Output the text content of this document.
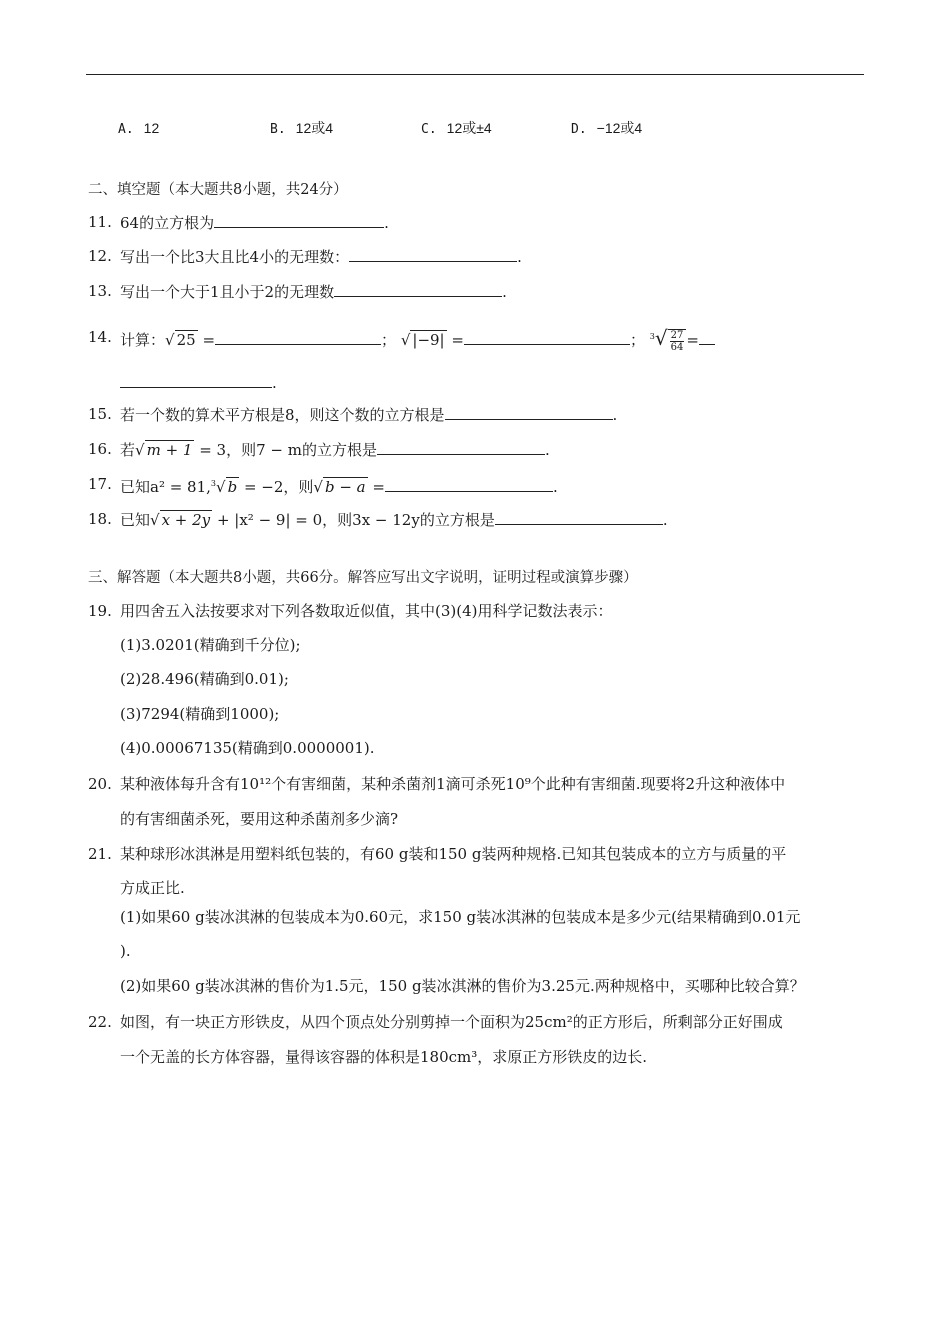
A. 12	B. 12或4	C. 12或±4	D. −12或4
二、填空题（本大题共8小题，共24分）
11. 64的立方根为	.
12. 写出一个比3大且比4小的无理数：	.
13. 写出一个大于1且小于2的无理数	.
14. 计算：√ 25 =	； √ |−9| =	； $^3√ \frac{27}{64}$ =
.
15. 若一个数的算术平方根是8，则这个数的立方根是	.
16. 若√ m + 1 = 3，则7 − m的立方根是	.
17. 已知a² = 81,$^3$√ b = −2，则√ b − a =	.
18. 已知√ x + 2y + |x² − 9| = 0，则3x − 12y的立方根是	.
三、解答题（本大题共8小题，共66分。解答应写出文字说明，证明过程或演算步骤）
19. 用四舍五入法按要求对下列各数取近似值，其中(3)(4)用科学记数法表示：
(1)3.0201(精确到千分位);
(2)28.496(精确到0.01);
(3)7294(精确到1000);
(4)0.00067135(精确到0.0000001).
20. 某种液体每升含有10¹²个有害细菌，某种杀菌剂1滴可杀死10⁹个此种有害细菌.现要将2升这种液体中
的有害细菌杀死，要用这种杀菌剂多少滴?
21. 某种球形冰淇淋是用塑料纸包装的，有60 g装和150 g装两种规格.已知其包装成本的立方与质量的平
方成正比.
(1)如果60 g装冰淇淋的包装成本为0.60元，求150 g装冰淇淋的包装成本是多少元(结果精确到0.01元
).
(2)如果60 g装冰淇淋的售价为1.5元，150 g装冰淇淋的售价为3.25元.两种规格中，买哪种比较合算？
22. 如图，有一块正方形铁皮，从四个顶点处分别剪掉一个面积为25cm²的正方形后，所剩部分正好围成
一个无盖的长方体容器，量得该容器的体积是180cm³，求原正方形铁皮的边长.
